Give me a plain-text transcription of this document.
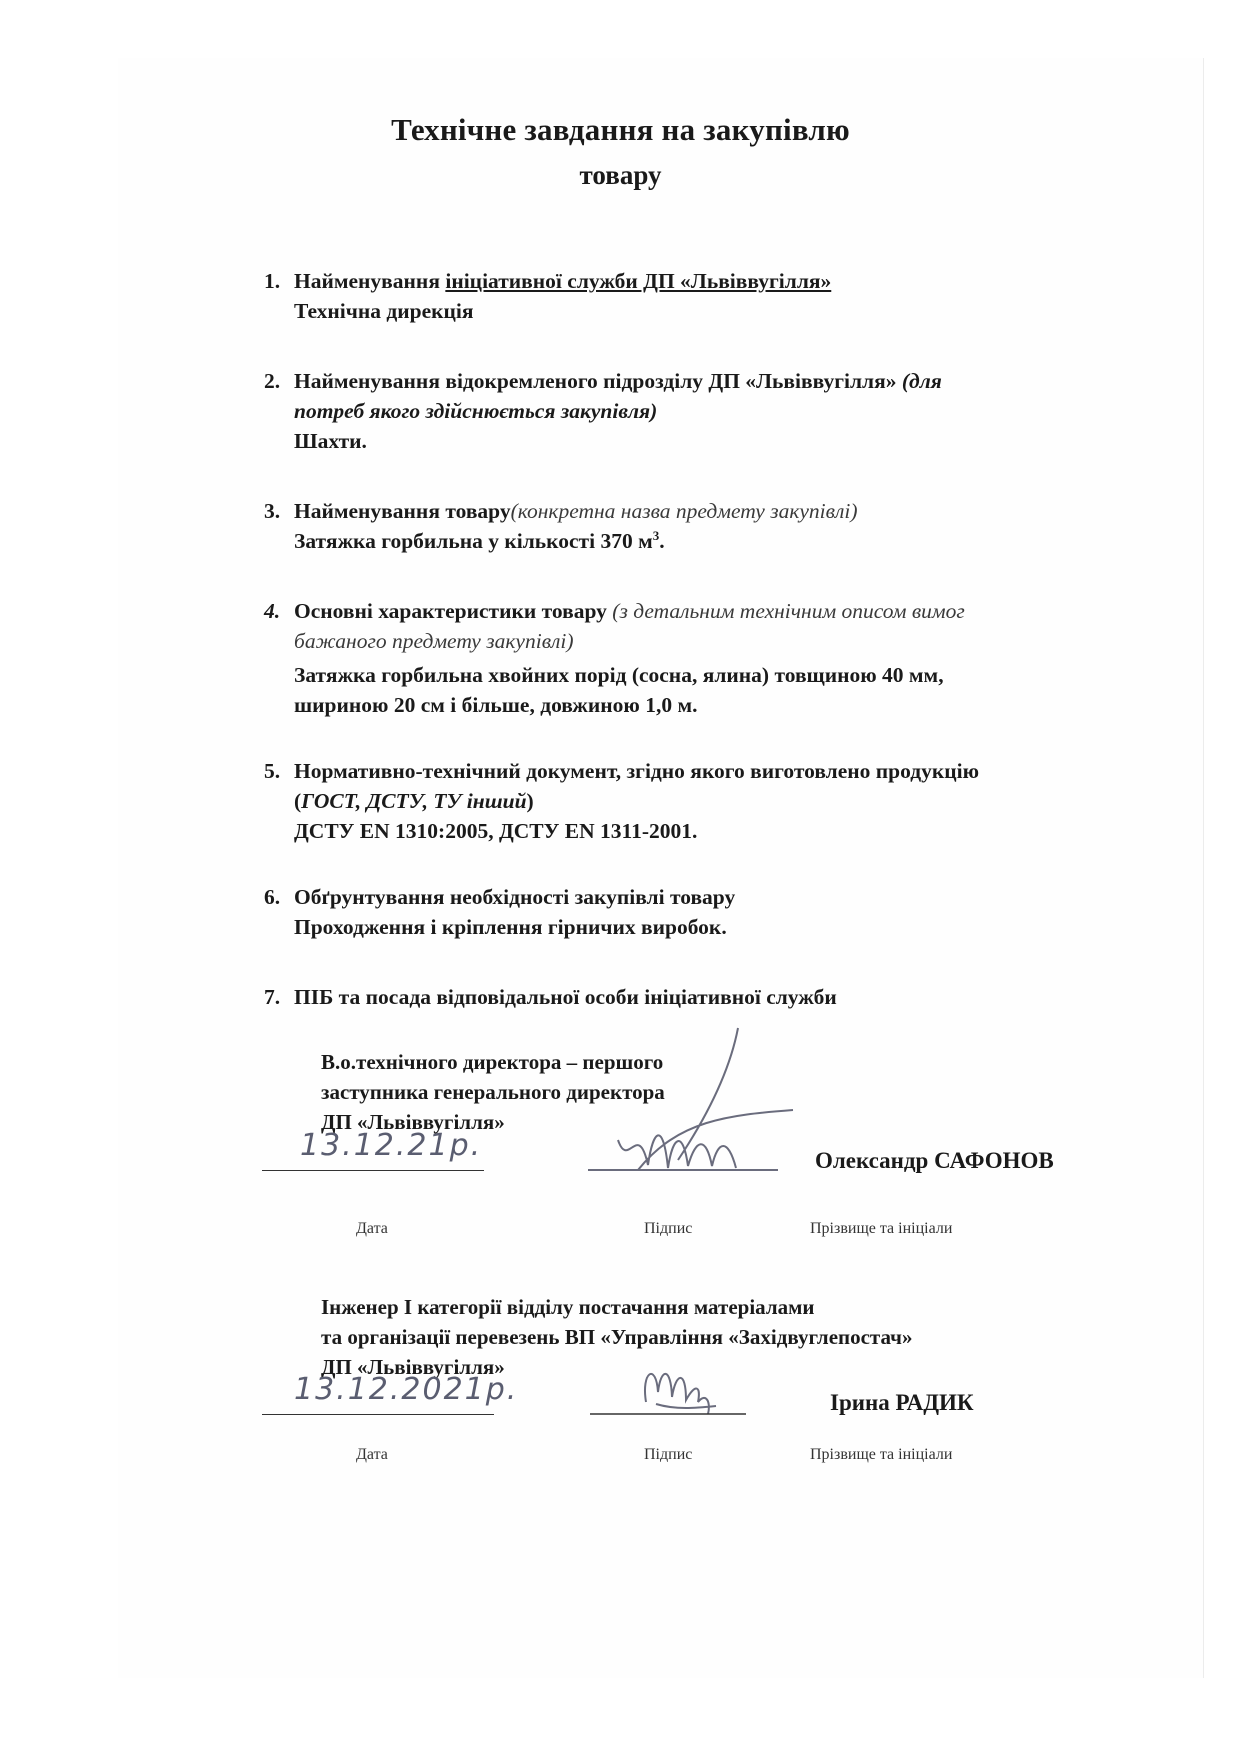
Технічне завдання на закупівлю
товару
1. Найменування ініціативної служби ДП «Львіввугілля»
Технічна дирекція
2. Найменування відокремленого підрозділу ДП «Львіввугілля» (для
потреб якого здійснюється закупівля)
Шахти.
3. Найменування товару(конкретна назва предмету закупівлі)
Затяжка горбильна у кількості 370 $м^3$.
4. Основні характеристики товару (з детальним технічним описом вимог
бажаного предмету закупівлі)
Затяжка горбильна хвойних порід (сосна, ялина) товщиною 40 мм,
шириною 20 см і більше, довжиною 1,0 м.
5. Нормативно-технічний документ, згідно якого виготовлено продукцію
(ГОСТ, ДСТУ, ТУ інший)
ДСТУ EN 1310:2005, ДСТУ EN 1311-2001.
6. Обґрунтування необхідності закупівлі товару
Проходження і кріплення гірничих виробок.
7. ПІБ та посада відповідальної особи ініціативної служби
В.о.технічного директора – першого
заступника генерального директора
ДП «Львіввугілля»
13.12.21р.	Олександр САФОНОВ
Дата	Підпис	Прізвище та ініціали
Інженер І категорії відділу постачання матеріалами
та організації перевезень ВП «Управління «Західвуглепостач»
ДП «Львіввугілля»
13.12.2021р.	Ірина РАДИК
Дата	Підпис	Прізвище та ініціали
